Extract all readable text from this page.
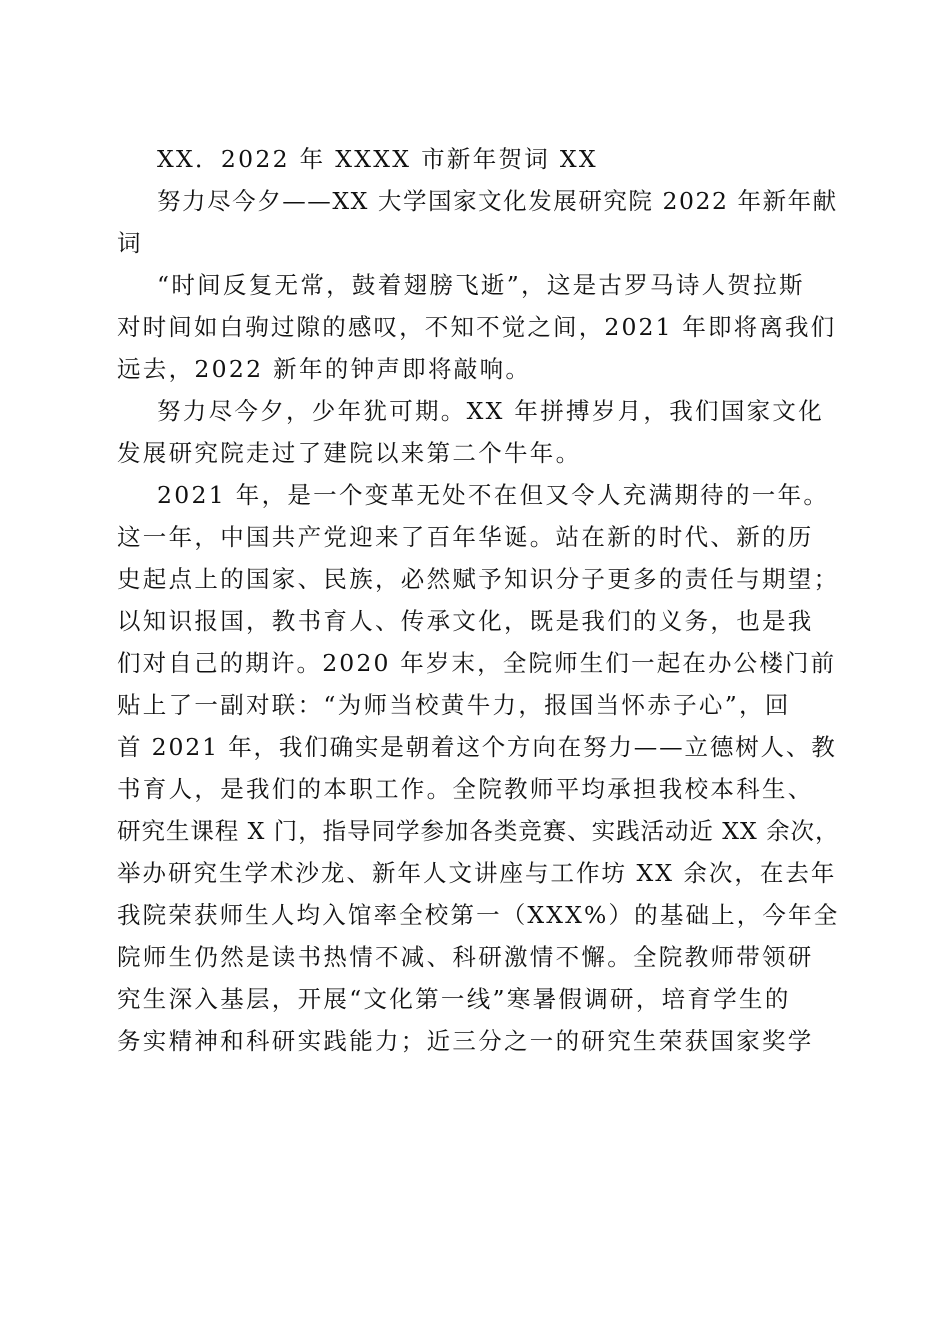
XX．2022 年 XXXX 市新年贺词 XX
努力尽今夕——XX 大学国家文化发展研究院 2022 年新年献
词
“时间反复无常，鼓着翅膀飞逝”，这是古罗马诗人贺拉斯
对时间如白驹过隙的感叹，不知不觉之间，2021 年即将离我们
远去，2022 新年的钟声即将敲响。
努力尽今夕，少年犹可期。XX 年拼搏岁月，我们国家文化
发展研究院走过了建院以来第二个牛年。
2021 年，是一个变革无处不在但又令人充满期待的一年。
这一年，中国共产党迎来了百年华诞。站在新的时代、新的历
史起点上的国家、民族，必然赋予知识分子更多的责任与期望；
以知识报国，教书育人、传承文化，既是我们的义务，也是我
们对自己的期许。2020 年岁末，全院师生们一起在办公楼门前
贴上了一副对联：“为师当校黄牛力，报国当怀赤子心”，回
首 2021 年，我们确实是朝着这个方向在努力——立德树人、教
书育人，是我们的本职工作。全院教师平均承担我校本科生、
研究生课程 X 门，指导同学参加各类竞赛、实践活动近 XX 余次，
举办研究生学术沙龙、新年人文讲座与工作坊 XX 余次，在去年
我院荣获师生人均入馆率全校第一（XXX%）的基础上，今年全
院师生仍然是读书热情不减、科研激情不懈。全院教师带领研
究生深入基层，开展“文化第一线”寒暑假调研，培育学生的
务实精神和科研实践能力；近三分之一的研究生荣获国家奖学
